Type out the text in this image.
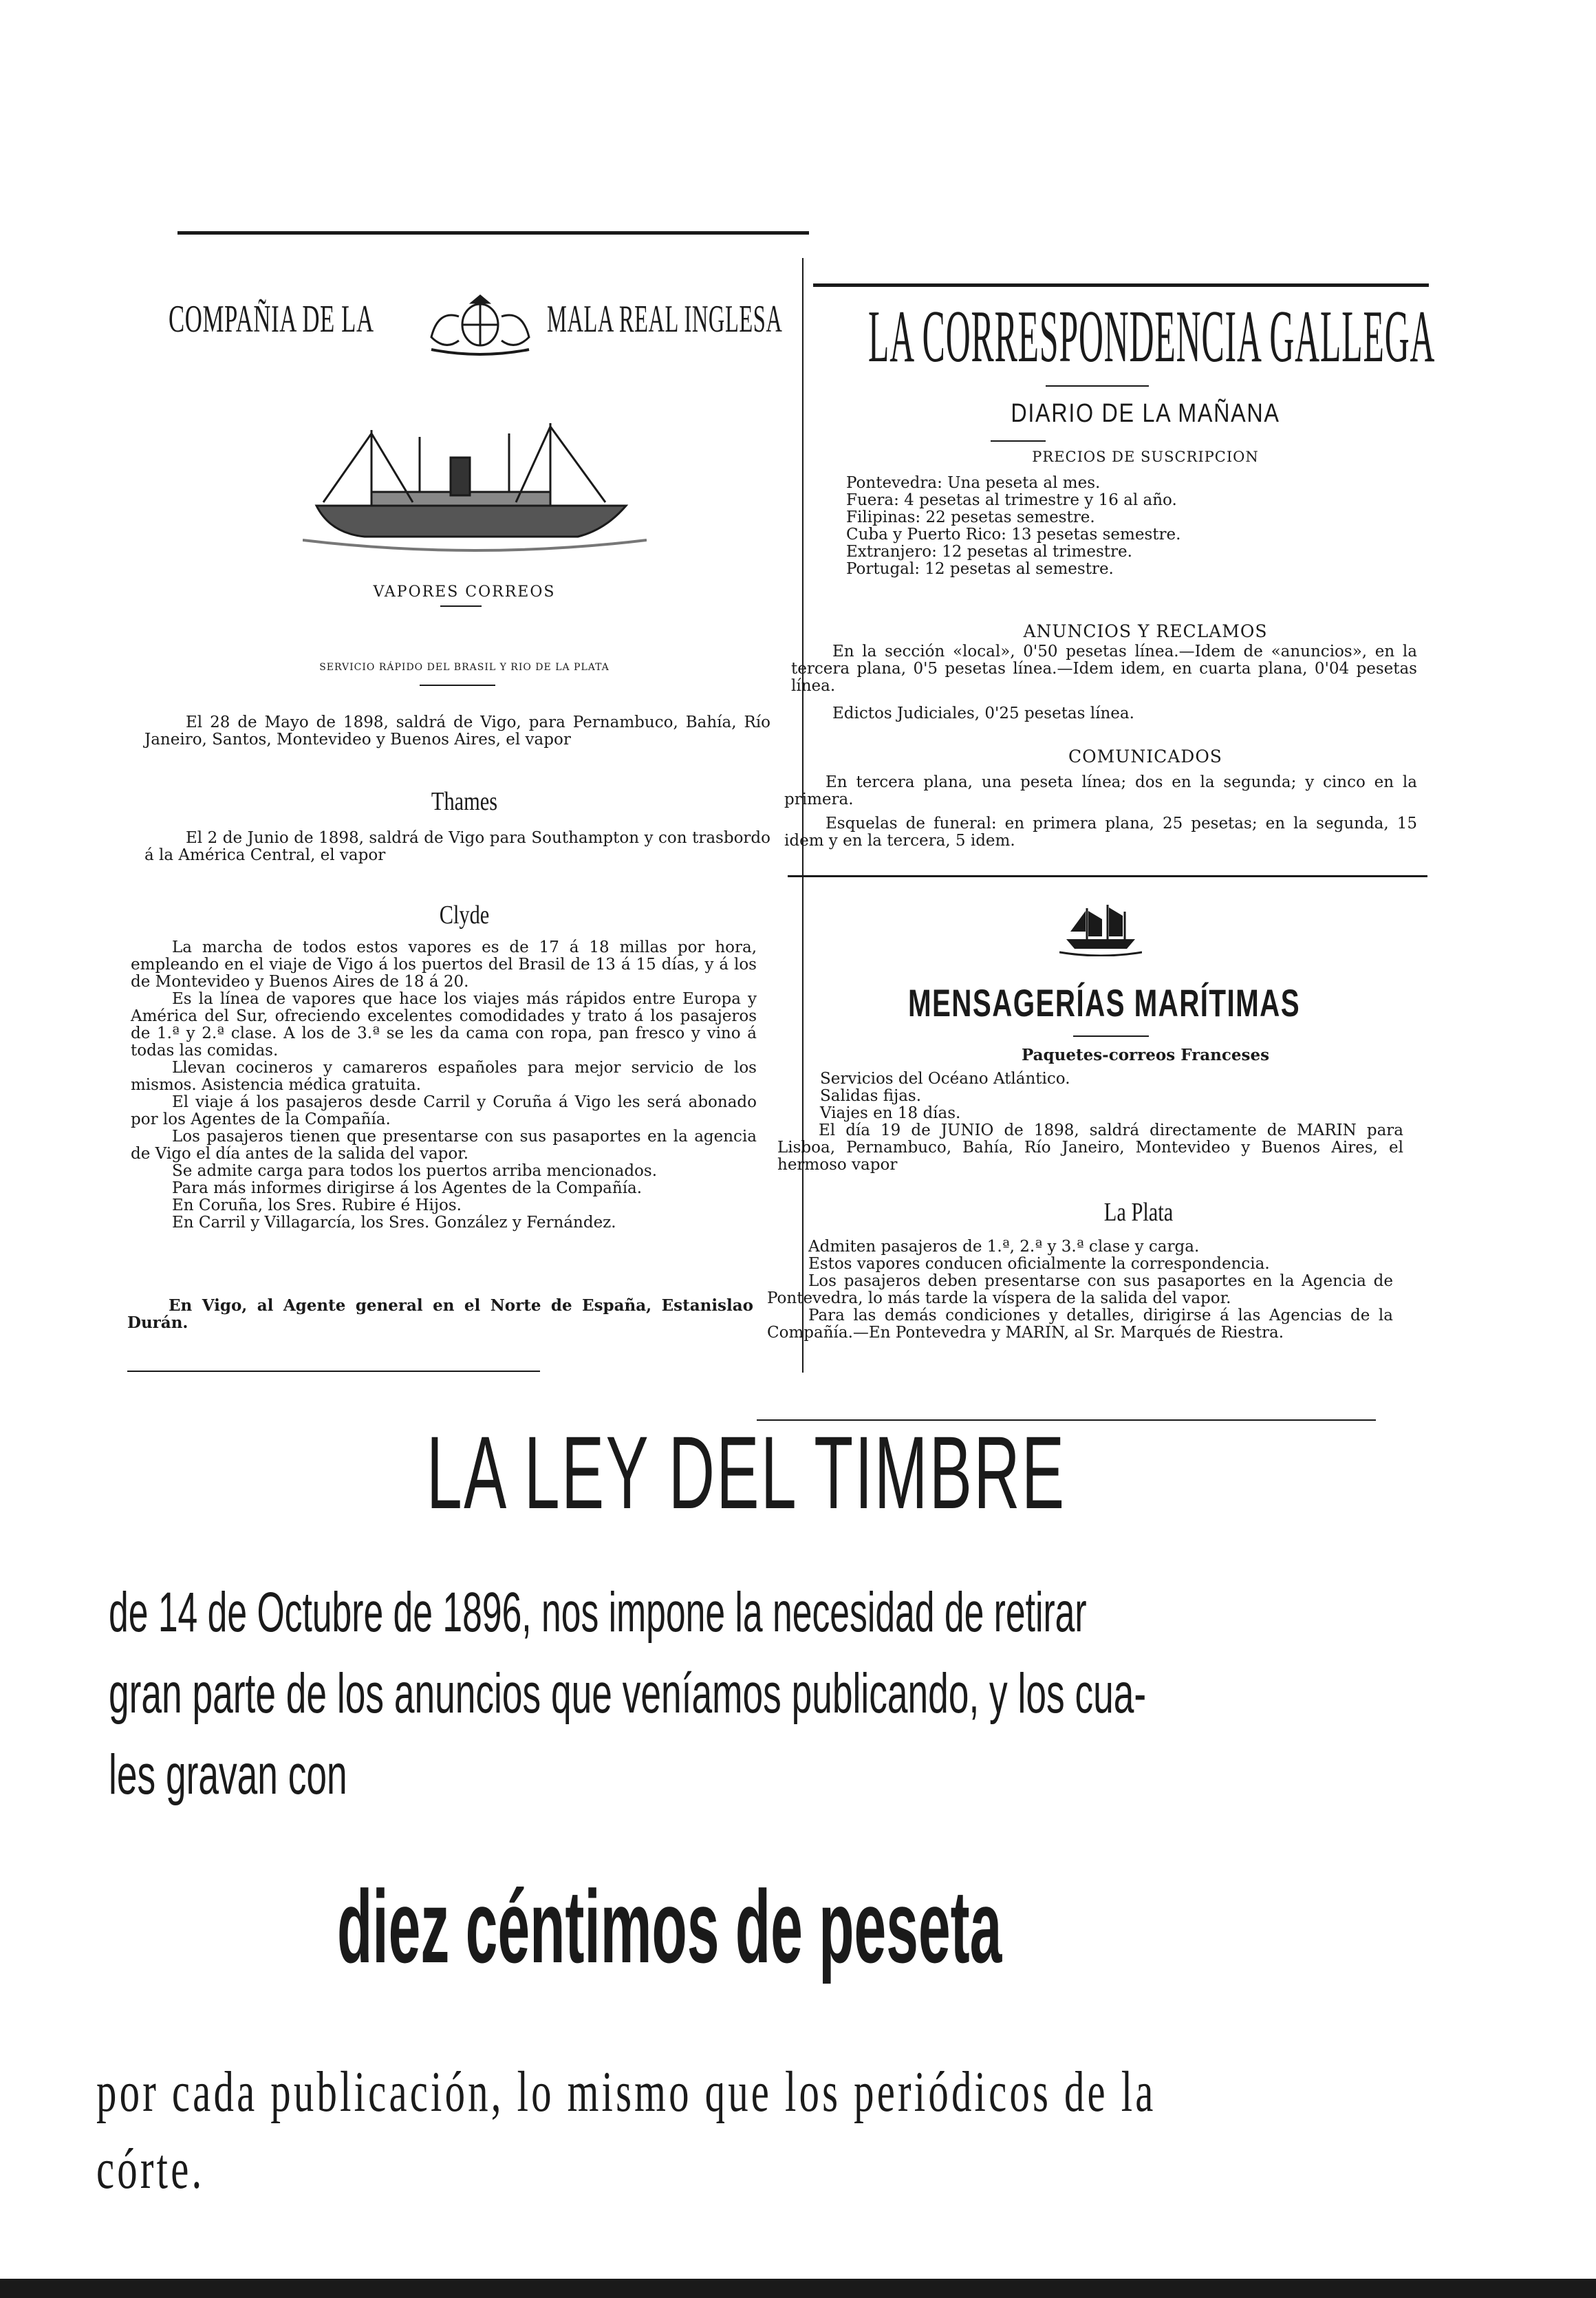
COMPAÑIA DE LA	MALA REAL INGLESA
VAPORES CORREOS
SERVICIO RÁPIDO DEL BRASIL Y RIO DE LA PLATA
El 28 de Mayo de 1898, saldrá de Vigo, para Pernambuco, Bahía, Río Janeiro, Santos, Montevideo y Buenos Aires, el vapor
Thames
El 2 de Junio de 1898, saldrá de Vigo para Southampton y con trasbordo á la América Central, el vapor
Clyde

La marcha de todos estos vapores es de 17 á 18 millas por hora, empleando en el viaje de Vigo á los puertos del Brasil de 13 á 15 días, y á los de Montevideo y Buenos Aires de 18 á 20.

Es la línea de vapores que hace los viajes más rápidos entre Europa y América del Sur, ofreciendo excelentes comodidades y trato á los pasajeros de 1.ª y 2.ª clase. A los de 3.ª se les da cama con ropa, pan fresco y vino á todas las comidas.

Llevan cocineros y camareros españoles para mejor servicio de los mismos. Asistencia médica gratuita.

El viaje á los pasajeros desde Carril y Coruña á Vigo les será abonado por los Agentes de la Compañía.

Los pasajeros tienen que presentarse con sus pasaportes en la agencia de Vigo el día antes de la salida del vapor.

Se admite carga para todos los puertos arriba mencionados.

Para más informes dirigirse á los Agentes de la Compañía.

En Coruña, los Sres. Rubire é Hijos.

En Carril y Villagarcía, los Sres. González y Fernández.

En Vigo, al Agente general en el Norte de España, Estanislao Durán.
LA CORRESPONDENCIA GALLEGA
DIARIO DE LA MAÑANA
PRECIOS DE SUSCRIPCION

Pontevedra: Una peseta al mes.

Fuera: 4 pesetas al trimestre y 16 al año.

Filipinas: 22 pesetas semestre.

Cuba y Puerto Rico: 13 pesetas semestre.

Extranjero: 12 pesetas al trimestre.

Portugal: 12 pesetas al semestre.

ANUNCIOS Y RECLAMOS
En la sección «local», 0'50 pesetas línea.—Idem de «anuncios», en la tercera plana, 0'5 pesetas línea.—Idem idem, en cuarta plana, 0'04 pesetas línea.
Edictos Judiciales, 0'25 pesetas línea.
COMUNICADOS
En tercera plana, una peseta línea; dos en la segunda; y cinco en la primera.
Esquelas de funeral: en primera plana, 25 pesetas; en la segunda, 15 idem y en la tercera, 5 idem.
MENSAGERÍAS MARÍTIMAS
Paquetes-correos Franceses

Servicios del Océano Atlántico.

Salidas fijas.

Viajes en 18 días.

El día 19 de JUNIO de 1898, saldrá directamente de MARIN para Lisboa, Pernambuco, Bahía, Río Janeiro, Montevideo y Buenos Aires, el hermoso vapor
La Plata

Admiten pasajeros de 1.ª, 2.ª y 3.ª clase y carga.

Estos vapores conducen oficialmente la correspondencia.

Los pasajeros deben presentarse con sus pasaportes en la Agencia de Pontevedra, lo más tarde la víspera de la salida del vapor.

Para las demás condiciones y detalles, dirigirse á las Agencias de la Compañía.—En Pontevedra y MARIN, al Sr. Marqués de Riestra.

LA LEY DEL TIMBRE
de 14 de Octubre de 1896, nos impone la necesidad de retirar
gran parte de los anuncios que veníamos publicando, y los cua-
les gravan con
diez céntimos de peseta
por cada publicación, lo mismo que los periódicos de la
córte.
